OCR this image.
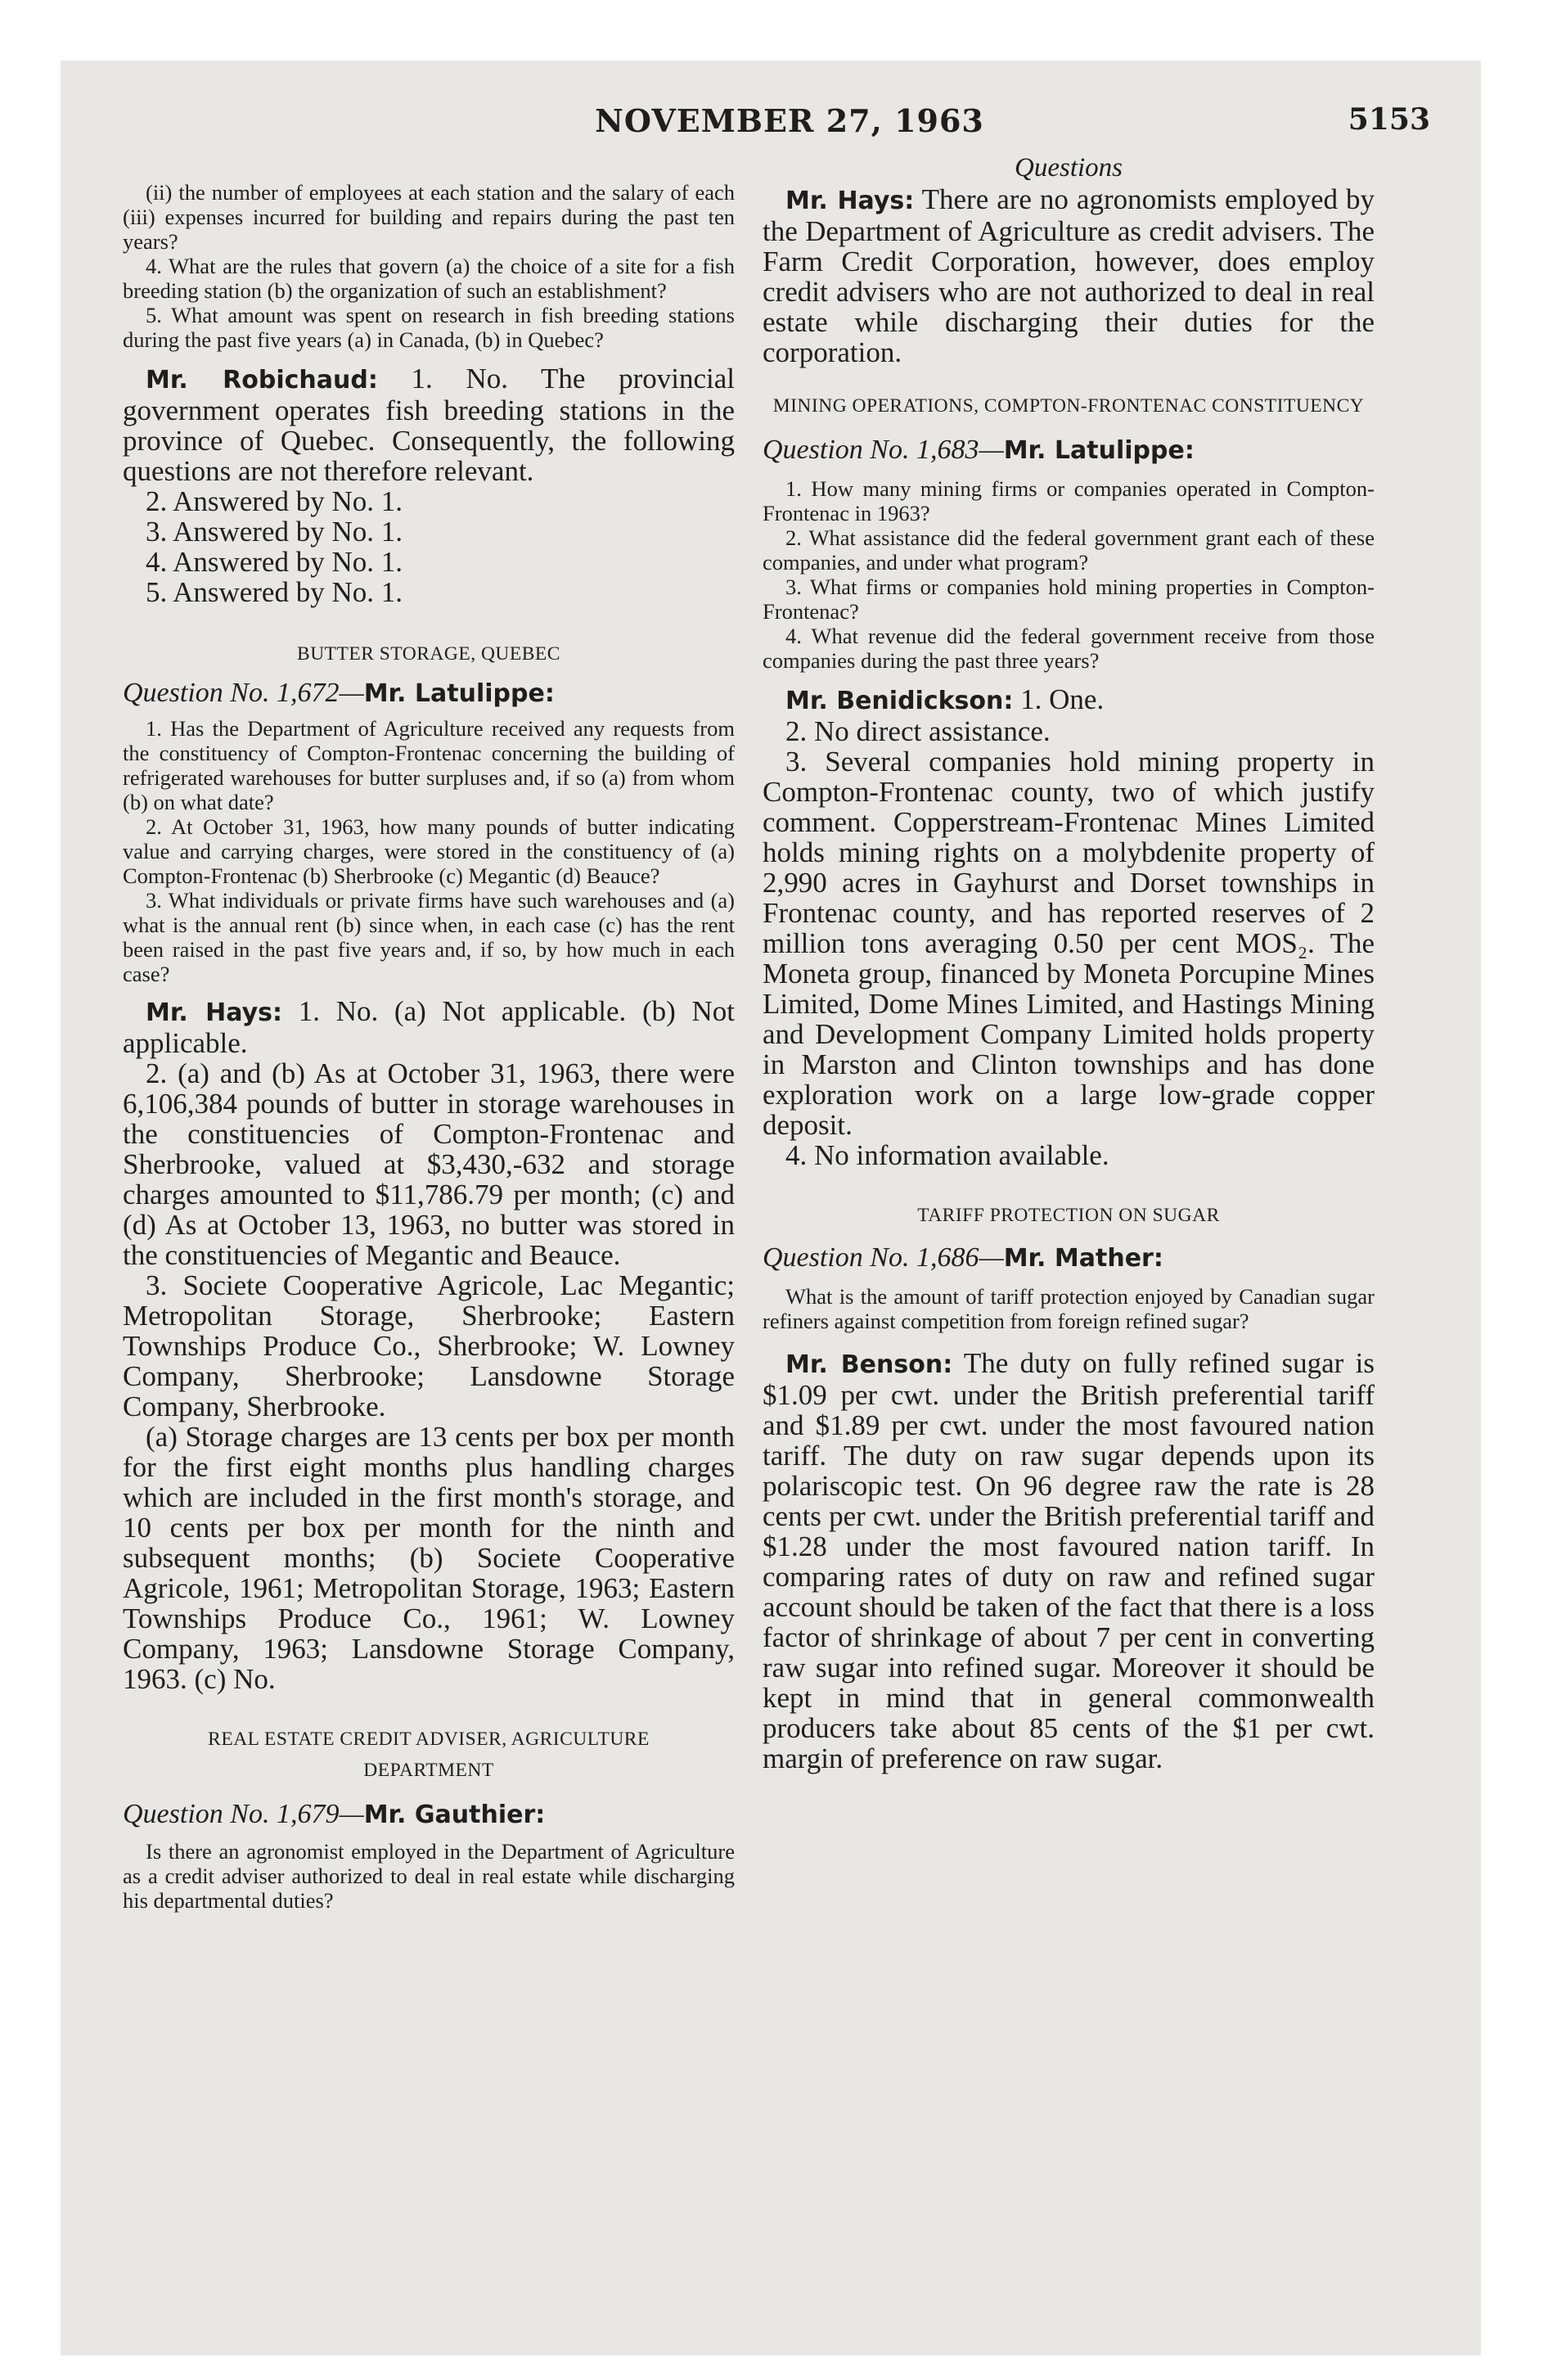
NOVEMBER 27, 1963	5153

(ii) the number of employees at each station and the salary of each (iii) expenses incurred for building and repairs during the past ten years?

4. What are the rules that govern (a) the choice of a site for a fish breeding station (b) the organization of such an establishment?

5. What amount was spent on research in fish breeding stations during the past five years (a) in Canada, (b) in Quebec?

Mr. Robichaud: 1. No. The provincial government operates fish breeding stations in the province of Quebec. Consequently, the following questions are not therefore relevant.

2. Answered by No. 1.

3. Answered by No. 1.

4. Answered by No. 1.

5. Answered by No. 1.

BUTTER STORAGE, QUEBEC

Question No. 1,672—Mr. Latulippe:

1. Has the Department of Agriculture received any requests from the constituency of Compton-Frontenac concerning the building of refrigerated warehouses for butter surpluses and, if so (a) from whom (b) on what date?

2. At October 31, 1963, how many pounds of butter indicating value and carrying charges, were stored in the constituency of (a) Compton-Frontenac (b) Sherbrooke (c) Megantic (d) Beauce?

3. What individuals or private firms have such warehouses and (a) what is the annual rent (b) since when, in each case (c) has the rent been raised in the past five years and, if so, by how much in each case?

Mr. Hays: 1. No. (a) Not applicable. (b) Not applicable.

2. (a) and (b) As at October 31, 1963, there were 6,106,384 pounds of butter in storage warehouses in the constituencies of Compton-Frontenac and Sherbrooke, valued at $3,430,-632 and storage charges amounted to $11,786.79 per month; (c) and (d) As at October 13, 1963, no butter was stored in the constituencies of Megantic and Beauce.

3. Societe Cooperative Agricole, Lac Megantic; Metropolitan Storage, Sherbrooke; Eastern Townships Produce Co., Sherbrooke; W. Lowney Company, Sherbrooke; Lansdowne Storage Company, Sherbrooke.

(a) Storage charges are 13 cents per box per month for the first eight months plus handling charges which are included in the first month's storage, and 10 cents per box per month for the ninth and subsequent months; (b) Societe Cooperative Agricole, 1961; Metropolitan Storage, 1963; Eastern Townships Produce Co., 1961; W. Lowney Company, 1963; Lansdowne Storage Company, 1963. (c) No.

REAL ESTATE CREDIT ADVISER, AGRICULTURE DEPARTMENT

Question No. 1,679—Mr. Gauthier:

Is there an agronomist employed in the Department of Agriculture as a credit adviser authorized to deal in real estate while discharging his departmental duties?

Questions

Mr. Hays: There are no agronomists employed by the Department of Agriculture as credit advisers. The Farm Credit Corporation, however, does employ credit advisers who are not authorized to deal in real estate while discharging their duties for the corporation.

MINING OPERATIONS, COMPTON-FRONTENAC CONSTITUENCY

Question No. 1,683—Mr. Latulippe:

1. How many mining firms or companies operated in Compton-Frontenac in 1963?

2. What assistance did the federal government grant each of these companies, and under what program?

3. What firms or companies hold mining properties in Compton-Frontenac?

4. What revenue did the federal government receive from those companies during the past three years?

Mr. Benidickson: 1. One.

2. No direct assistance.

3. Several companies hold mining property in Compton-Frontenac county, two of which justify comment. Copperstream-Frontenac Mines Limited holds mining rights on a molybdenite property of 2,990 acres in Gayhurst and Dorset townships in Frontenac county, and has reported reserves of 2 million tons averaging 0.50 per cent MOS₂. The Moneta group, financed by Moneta Porcupine Mines Limited, Dome Mines Limited, and Hastings Mining and Development Company Limited holds property in Marston and Clinton townships and has done exploration work on a large low-grade copper deposit.

4. No information available.

TARIFF PROTECTION ON SUGAR

Question No. 1,686—Mr. Mather:

What is the amount of tariff protection enjoyed by Canadian sugar refiners against competition from foreign refined sugar?

Mr. Benson: The duty on fully refined sugar is $1.09 per cwt. under the British preferential tariff and $1.89 per cwt. under the most favoured nation tariff. The duty on raw sugar depends upon its polariscopic test. On 96 degree raw the rate is 28 cents per cwt. under the British preferential tariff and $1.28 under the most favoured nation tariff. In comparing rates of duty on raw and refined sugar account should be taken of the fact that there is a loss factor of shrinkage of about 7 per cent in converting raw sugar into refined sugar. Moreover it should be kept in mind that in general commonwealth producers take about 85 cents of the $1 per cwt. margin of preference on raw sugar.
